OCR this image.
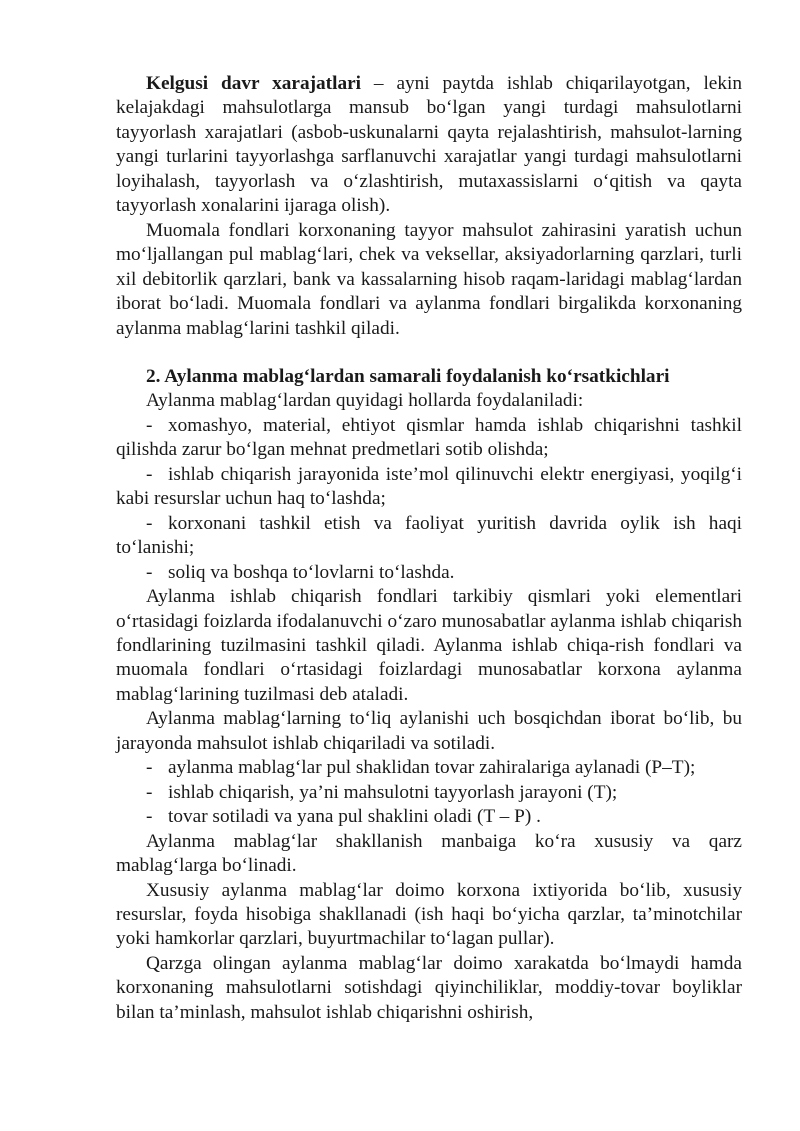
Kelgusi davr xarajatlari – ayni paytda ishlab chiqarilayotgan, lekin kelajakdagi mahsulotlarga mansub bo‘lgan yangi turdagi mahsulotlarni tayyorlash xarajatlari (asbob-uskunalarni qayta rejalashtirish, mahsulot-larning yangi turlarini tayyorlashga sarflanuvchi xarajatlar yangi turdagi mahsulotlarni loyihalash, tayyorlash va o‘zlashtirish, mutaxassislarni o‘qitish va qayta tayyorlash xonalarini ijaraga olish).

Muomala fondlari korxonaning tayyor mahsulot zahirasini yaratish uchun mo‘ljallangan pul mablag‘lari, chek va veksellar, aksiyadorlarning qarzlari, turli xil debitorlik qarzlari, bank va kassalarning hisob raqam-laridagi mablag‘lardan iborat bo‘ladi. Muomala fondlari va aylanma fondlari birgalikda korxonaning aylanma mablag‘larini tashkil qiladi.

2. Aylanma mablag‘lardan samarali foydalanish ko‘rsatkichlari

Aylanma mablag‘lardan quyidagi hollarda foydalaniladi:

- xomashyo, material, ehtiyot qismlar hamda ishlab chiqarishni tashkil qilishda zarur bo‘lgan mehnat predmetlari sotib olishda;

- ishlab chiqarish jarayonida iste’mol qilinuvchi elektr energiyasi, yoqilg‘i kabi resurslar uchun haq to‘lashda;

- korxonani tashkil etish va faoliyat yuritish davrida oylik ish haqi to‘lanishi;

- soliq va boshqa to‘lovlarni to‘lashda.

Aylanma ishlab chiqarish fondlari tarkibiy qismlari yoki elementlari o‘rtasidagi foizlarda ifodalanuvchi o‘zaro munosabatlar aylanma ishlab chiqarish fondlarining tuzilmasini tashkil qiladi. Aylanma ishlab chiqa-rish fondlari va muomala fondlari o‘rtasidagi foizlardagi munosabatlar korxona aylanma mablag‘larining tuzilmasi deb ataladi.

Aylanma mablag‘larning to‘liq aylanishi uch bosqichdan iborat bo‘lib, bu jarayonda mahsulot ishlab chiqariladi va sotiladi.

- aylanma mablag‘lar pul shaklidan tovar zahiralariga aylanadi (P–T);

- ishlab chiqarish, ya’ni mahsulotni tayyorlash jarayoni (T);

- tovar sotiladi va yana pul shaklini oladi (T – P) .

Aylanma mablag‘lar shakllanish manbaiga ko‘ra xususiy va qarz mablag‘larga bo‘linadi.

Xususiy aylanma mablag‘lar doimo korxona ixtiyorida bo‘lib, xususiy resurslar, foyda hisobiga shakllanadi (ish haqi bo‘yicha qarzlar, ta’minotchilar yoki hamkorlar qarzlari, buyurtmachilar to‘lagan pullar).

Qarzga olingan aylanma mablag‘lar doimo xarakatda bo‘lmaydi hamda korxonaning mahsulotlarni sotishdagi qiyinchiliklar, moddiy-tovar boyliklar bilan ta’minlash, mahsulot ishlab chiqarishni oshirish,
